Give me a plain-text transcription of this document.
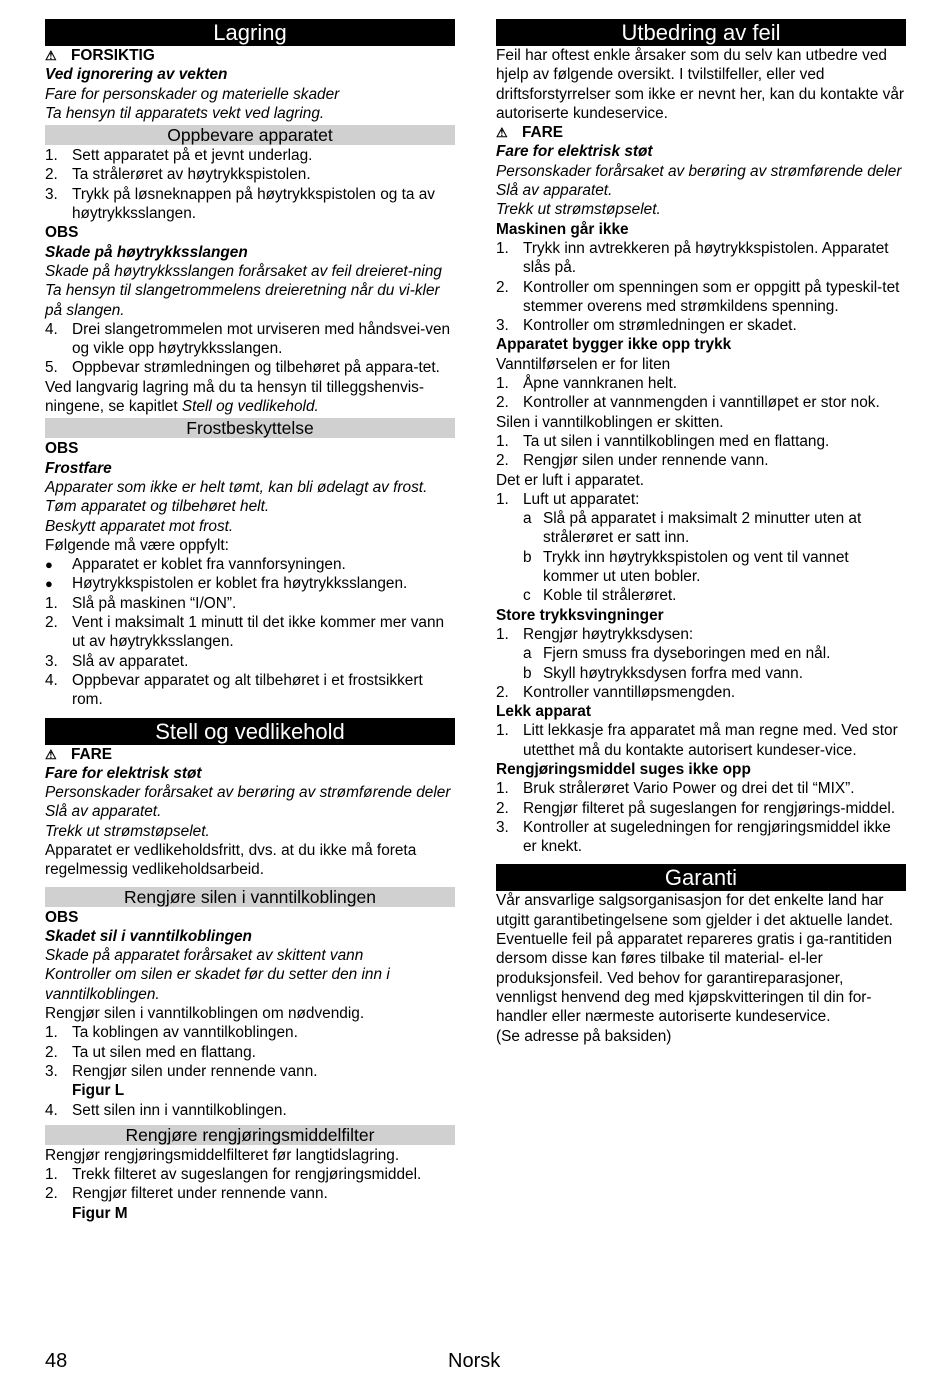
Lagring
⚠ FORSIKTIG
Ved ignorering av vekten
Fare for personskader og materielle skader
Ta hensyn til apparatets vekt ved lagring.
Oppbevare apparatet
1. Sett apparatet på et jevnt underlag.
2. Ta strålerøret av høytrykkspistolen.
3. Trykk på løsneknappen på høytrykkspistolen og ta av høytrykksslangen.
OBS
Skade på høytrykksslangen
Skade på høytrykksslangen forårsaket av feil dreieret-ning
Ta hensyn til slangetrommelens dreieretning når du vi-kler på slangen.
4. Drei slangetrommelen mot urviseren med håndsvei-ven og vikle opp høytrykksslangen.
5. Oppbevar strømledningen og tilbehøret på appara-tet.
Ved langvarig lagring må du ta hensyn til tilleggshenvis-ningene, se kapitlet Stell og vedlikehold.
Frostbeskyttelse
OBS
Frostfare
Apparater som ikke er helt tømt, kan bli ødelagt av frost.
Tøm apparatet og tilbehøret helt.
Beskytt apparatet mot frost.
Følgende må være oppfylt:
●	Apparatet er koblet fra vannforsyningen.
●	Høytrykkspistolen er koblet fra høytrykksslangen.
1. Slå på maskinen “I/ON”.
2. Vent i maksimalt 1 minutt til det ikke kommer mer vann ut av høytrykksslangen.
3. Slå av apparatet.
4. Oppbevar apparatet og alt tilbehøret i et frostsikkert rom.
Stell og vedlikehold
⚠ FARE
Fare for elektrisk støt
Personskader forårsaket av berøring av strømførende deler
Slå av apparatet.
Trekk ut strømstøpselet.
Apparatet er vedlikeholdsfritt, dvs. at du ikke må foreta regelmessig vedlikeholdsarbeid.
Rengjøre silen i vanntilkoblingen
OBS
Skadet sil i vanntilkoblingen
Skade på apparatet forårsaket av skittent vann
Kontroller om silen er skadet før du setter den inn i vanntilkoblingen.
Rengjør silen i vanntilkoblingen om nødvendig.
1. Ta koblingen av vanntilkoblingen.
2. Ta ut silen med en flattang.
3. Rengjør silen under rennende vann.
Figur L
4. Sett silen inn i vanntilkoblingen.
Rengjøre rengjøringsmiddelfilter
Rengjør rengjøringsmiddelfilteret før langtidslagring.
1. Trekk filteret av sugeslangen for rengjøringsmiddel.
2. Rengjør filteret under rennende vann.
Figur M
Utbedring av feil
Feil har oftest enkle årsaker som du selv kan utbedre ved hjelp av følgende oversikt. I tvilstilfeller, eller ved driftsforstyrrelser som ikke er nevnt her, kan du kontakte vår autoriserte kundeservice.
⚠ FARE
Fare for elektrisk støt
Personskader forårsaket av berøring av strømførende deler
Slå av apparatet.
Trekk ut strømstøpselet.
Maskinen går ikke
1. Trykk inn avtrekkeren på høytrykkspistolen. Apparatet slås på.
2. Kontroller om spenningen som er oppgitt på typeskil-tet stemmer overens med strømkildens spenning.
3. Kontroller om strømledningen er skadet.
Apparatet bygger ikke opp trykk
Vanntilførselen er for liten
1. Åpne vannkranen helt.
2. Kontroller at vannmengden i vanntilløpet er stor nok.
Silen i vanntilkoblingen er skitten.
1. Ta ut silen i vanntilkoblingen med en flattang.
2. Rengjør silen under rennende vann.
Det er luft i apparatet.
1. Luft ut apparatet:
a Slå på apparatet i maksimalt 2 minutter uten at strålerøret er satt inn.
b Trykk inn høytrykkspistolen og vent til vannet kommer ut uten bobler.
c Koble til strålerøret.
Store trykksvingninger
1. Rengjør høytrykksdysen:
a Fjern smuss fra dyseboringen med en nål.
b Skyll høytrykksdysen forfra med vann.
2. Kontroller vanntilløpsmengden.
Lekk apparat
1. Litt lekkasje fra apparatet må man regne med. Ved stor utetthet må du kontakte autorisert kundeser-vice.
Rengjøringsmiddel suges ikke opp
1. Bruk strålerøret Vario Power og drei det til “MIX”.
2. Rengjør filteret på sugeslangen for rengjørings-middel.
3. Kontroller at sugeledningen for rengjøringsmiddel ikke er knekt.
Garanti
Vår ansvarlige salgsorganisasjon for det enkelte land har utgitt garantibetingelsene som gjelder i det aktuelle landet. Eventuelle feil på apparatet repareres gratis i ga-rantitiden dersom disse kan føres tilbake til material- el-ler produksjonsfeil. Ved behov for garantireparasjoner, vennligst henvend deg med kjøpskvitteringen til din for-handler eller nærmeste autoriserte kundeservice.
(Se adresse på baksiden)
48	Norsk
